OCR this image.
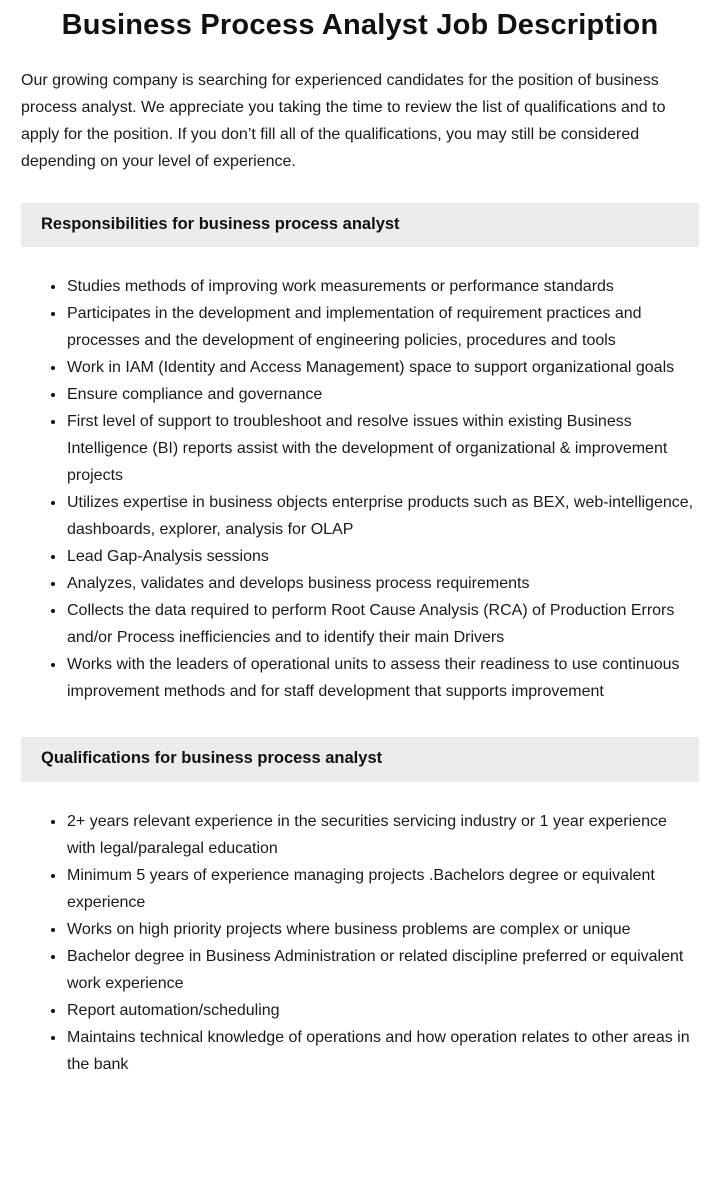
Business Process Analyst Job Description

Our growing company is searching for experienced candidates for the position of business process analyst. We appreciate you taking the time to review the list of qualifications and to apply for the position. If you don’t fill all of the qualifications, you may still be considered depending on your level of experience.

Responsibilities for business process analyst
• Studies methods of improving work measurements or performance standards
• Participates in the development and implementation of requirement practices and processes and the development of engineering policies, procedures and tools
• Work in IAM (Identity and Access Management) space to support organizational goals
• Ensure compliance and governance
• First level of support to troubleshoot and resolve issues within existing Business Intelligence (BI) reports assist with the development of organizational & improvement projects
• Utilizes expertise in business objects enterprise products such as BEX, web-intelligence, dashboards, explorer, analysis for OLAP
• Lead Gap-Analysis sessions
• Analyzes, validates and develops business process requirements
• Collects the data required to perform Root Cause Analysis (RCA) of Production Errors and/or Process inefficiencies and to identify their main Drivers
• Works with the leaders of operational units to assess their readiness to use continuous improvement methods and for staff development that supports improvement
Qualifications for business process analyst
• 2+ years relevant experience in the securities servicing industry or 1 year experience with legal/paralegal education
• Minimum 5 years of experience managing projects .Bachelors degree or equivalent experience
• Works on high priority projects where business problems are complex or unique
• Bachelor degree in Business Administration or related discipline preferred or equivalent work experience
• Report automation/scheduling
• Maintains technical knowledge of operations and how operation relates to other areas in the bank
